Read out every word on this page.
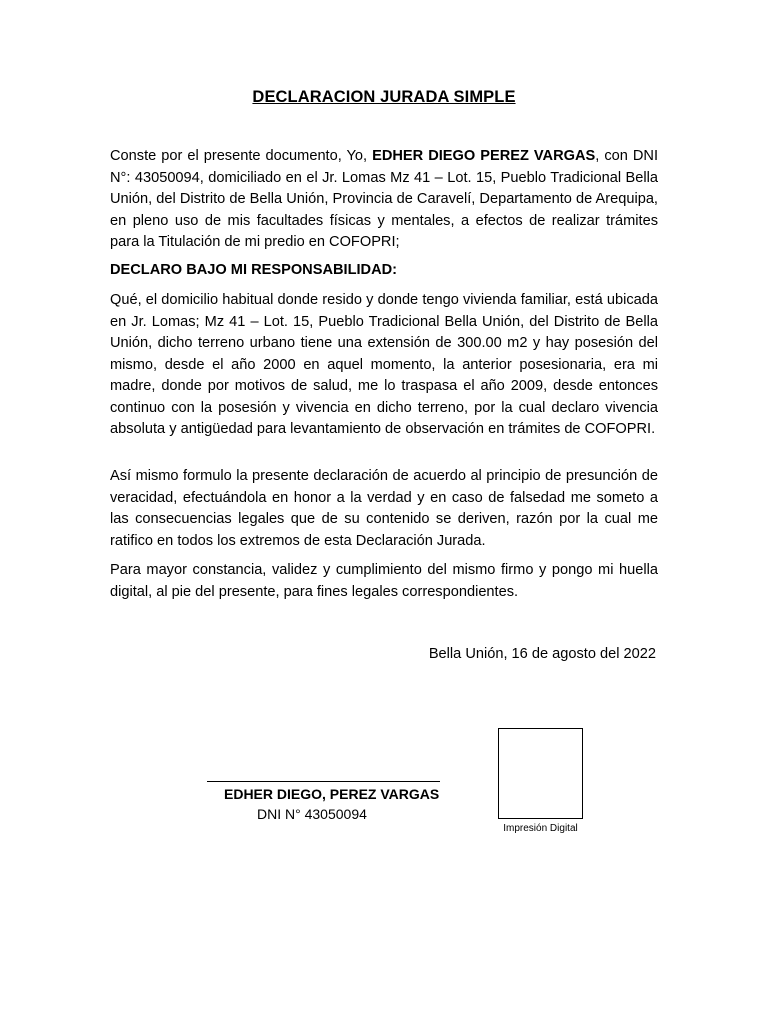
DECLARACION JURADA SIMPLE
Conste por el presente documento, Yo, EDHER DIEGO PEREZ VARGAS, con DNI N°: 43050094, domiciliado en el Jr. Lomas Mz 41 – Lot. 15, Pueblo Tradicional Bella Unión, del Distrito de Bella Unión, Provincia de Caravelí, Departamento de Arequipa, en pleno uso de mis facultades físicas y mentales, a efectos de realizar trámites para la Titulación de mi predio en COFOPRI;
DECLARO BAJO MI RESPONSABILIDAD:
Qué, el domicilio habitual donde resido y donde tengo vivienda familiar, está ubicada en Jr. Lomas; Mz 41 – Lot. 15, Pueblo Tradicional Bella Unión, del Distrito de Bella Unión, dicho terreno urbano tiene una extensión de 300.00 m2 y hay posesión del mismo, desde el año 2000 en aquel momento, la anterior posesionaria, era mi madre, donde por motivos de salud, me lo traspasa el año 2009, desde entonces continuo con la posesión y vivencia en dicho terreno, por la cual declaro vivencia absoluta y antigüedad para levantamiento de observación en trámites de COFOPRI.
Así mismo formulo la presente declaración de acuerdo al principio de presunción de veracidad, efectuándola en honor a la verdad y en caso de falsedad me someto a las consecuencias legales que de su contenido se deriven, razón por la cual me ratifico en todos los extremos de esta Declaración Jurada.
Para mayor constancia, validez y cumplimiento del mismo firmo y pongo mi huella digital, al pie del presente, para fines legales correspondientes.
Bella Unión, 16 de agosto del 2022
EDHER DIEGO, PEREZ VARGAS
DNI N° 43050094
Impresión Digital
